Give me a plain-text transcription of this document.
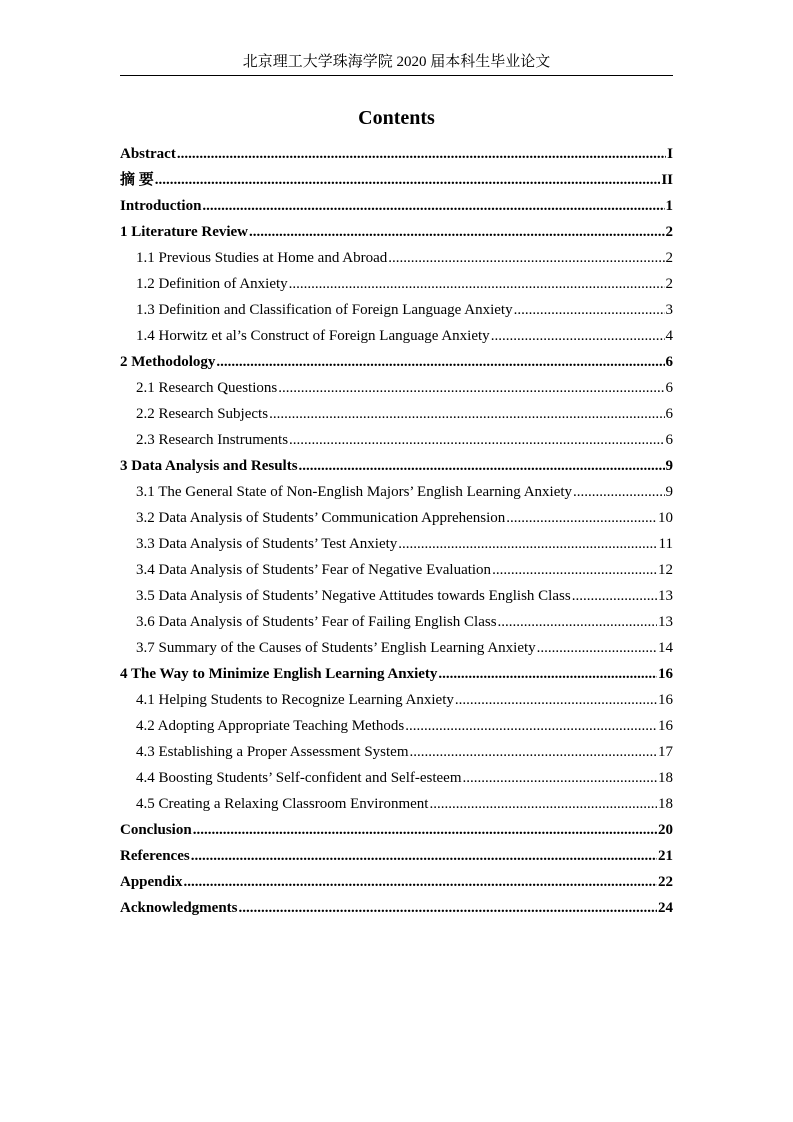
北京理工大学珠海学院 2020 届本科生毕业论文
Contents
Abstract .....	I
摘 要 .....	II
Introduction .....	1
1 Literature Review .....	2
1.1 Previous Studies at Home and Abroad .....	2
1.2 Definition of Anxiety .....	2
1.3 Definition and Classification of Foreign Language Anxiety .....	3
1.4 Horwitz et al’s Construct of Foreign Language Anxiety .....	4
2 Methodology .....	6
2.1 Research Questions .....	6
2.2 Research Subjects .....	6
2.3 Research Instruments .....	6
3 Data Analysis and Results .....	9
3.1 The General State of Non-English Majors’ English Learning Anxiety .....	9
3.2 Data Analysis of Students’ Communication Apprehension .....	10
3.3 Data Analysis of Students’ Test Anxiety .....	11
3.4 Data Analysis of Students’ Fear of Negative Evaluation .....	12
3.5 Data Analysis of Students’ Negative Attitudes towards English Class .....	13
3.6 Data Analysis of Students’ Fear of Failing English Class .....	13
3.7 Summary of the Causes of Students’ English Learning Anxiety .....	14
4 The Way to Minimize English Learning Anxiety .....	16
4.1 Helping Students to Recognize Learning Anxiety .....	16
4.2 Adopting Appropriate Teaching Methods .....	16
4.3 Establishing a Proper Assessment System .....	17
4.4 Boosting Students’ Self-confident and Self-esteem .....	18
4.5 Creating a Relaxing Classroom Environment .....	18
Conclusion .....	20
References .....	21
Appendix .....	22
Acknowledgments .....	24
